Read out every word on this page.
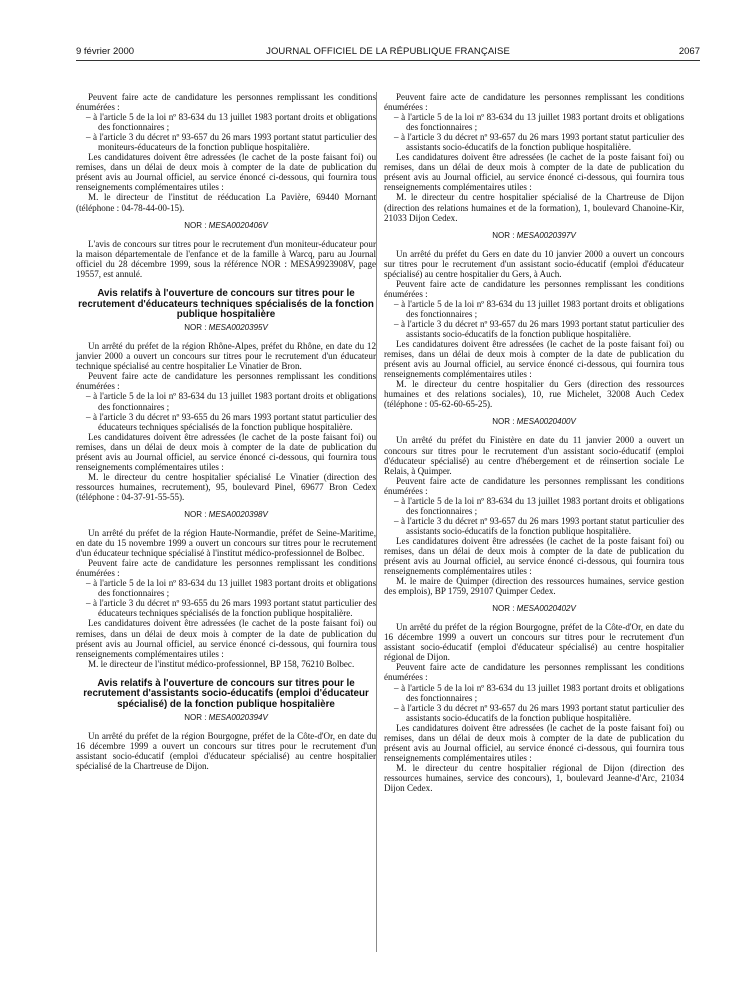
9 février 2000	JOURNAL OFFICIEL DE LA RÉPUBLIQUE FRANÇAISE	2067

Peuvent faire acte de candidature les personnes remplissant les conditions énumérées :

– à l'article 5 de la loi nº 83-634 du 13 juillet 1983 portant droits et obligations des fonctionnaires ;
– à l'article 3 du décret nº 93-657 du 26 mars 1993 portant statut particulier des moniteurs-éducateurs de la fonction publique hospitalière.

Les candidatures doivent être adressées (le cachet de la poste faisant foi) ou remises, dans un délai de deux mois à compter de la date de publication du présent avis au Journal officiel, au service énoncé ci-dessous, qui fournira tous renseignements complémentaires utiles :

M. le directeur de l'institut de rééducation La Pavière, 69440 Mornant (téléphone : 04-78-44-00-15).

NOR : MESA0020406V

L'avis de concours sur titres pour le recrutement d'un moniteur-éducateur pour la maison départementale de l'enfance et de la famille à Warcq, paru au Journal officiel du 28 décembre 1999, sous la référence NOR : MESA9923908V, page 19557, est annulé.

Avis relatifs à l'ouverture de concours sur titres pour le recrutement d'éducateurs techniques spécialisés de la fonction publique hospitalière
NOR : MESA0020395V

Un arrêté du préfet de la région Rhône-Alpes, préfet du Rhône, en date du 12 janvier 2000 a ouvert un concours sur titres pour le recrutement d'un éducateur technique spécialisé au centre hospitalier Le Vinatier de Bron.

Peuvent faire acte de candidature les personnes remplissant les conditions énumérées :

– à l'article 5 de la loi nº 83-634 du 13 juillet 1983 portant droits et obligations des fonctionnaires ;
– à l'article 3 du décret nº 93-655 du 26 mars 1993 portant statut particulier des éducateurs techniques spécialisés de la fonction publique hospitalière.

Les candidatures doivent être adressées (le cachet de la poste faisant foi) ou remises, dans un délai de deux mois à compter de la date de publication du présent avis au Journal officiel, au service énoncé ci-dessous, qui fournira tous renseignements complémentaires utiles :

M. le directeur du centre hospitalier spécialisé Le Vinatier (direction des ressources humaines, recrutement), 95, boulevard Pinel, 69677 Bron Cedex (téléphone : 04-37-91-55-55).

NOR : MESA0020398V

Un arrêté du préfet de la région Haute-Normandie, préfet de Seine-Maritime, en date du 15 novembre 1999 a ouvert un concours sur titres pour le recrutement d'un éducateur technique spécialisé à l'institut médico-professionnel de Bolbec.

Peuvent faire acte de candidature les personnes remplissant les conditions énumérées :

– à l'article 5 de la loi nº 83-634 du 13 juillet 1983 portant droits et obligations des fonctionnaires ;
– à l'article 3 du décret nº 93-655 du 26 mars 1993 portant statut particulier des éducateurs techniques spécialisés de la fonction publique hospitalière.

Les candidatures doivent être adressées (le cachet de la poste faisant foi) ou remises, dans un délai de deux mois à compter de la date de publication du présent avis au Journal officiel, au service énoncé ci-dessous, qui fournira tous renseignements complémentaires utiles :

M. le directeur de l'institut médico-professionnel, BP 158, 76210 Bolbec.

Avis relatifs à l'ouverture de concours sur titres pour le recrutement d'assistants socio-éducatifs (emploi d'éducateur spécialisé) de la fonction publique hospitalière
NOR : MESA0020394V

Un arrêté du préfet de la région Bourgogne, préfet de la Côte-d'Or, en date du 16 décembre 1999 a ouvert un concours sur titres pour le recrutement d'un assistant socio-éducatif (emploi d'éducateur spécialisé) au centre hospitalier spécialisé de la Chartreuse de Dijon.

Peuvent faire acte de candidature les personnes remplissant les conditions énumérées :

– à l'article 5 de la loi nº 83-634 du 13 juillet 1983 portant droits et obligations des fonctionnaires ;
– à l'article 3 du décret nº 93-657 du 26 mars 1993 portant statut particulier des assistants socio-éducatifs de la fonction publique hospitalière.

Les candidatures doivent être adressées (le cachet de la poste faisant foi) ou remises, dans un délai de deux mois à compter de la date de publication du présent avis au Journal officiel, au service énoncé ci-dessous, qui fournira tous renseignements complémentaires utiles :

M. le directeur du centre hospitalier spécialisé de la Chartreuse de Dijon (direction des relations humaines et de la formation), 1, boulevard Chanoine-Kir, 21033 Dijon Cedex.

NOR : MESA0020397V

Un arrêté du préfet du Gers en date du 10 janvier 2000 a ouvert un concours sur titres pour le recrutement d'un assistant socio-éducatif (emploi d'éducateur spécialisé) au centre hospitalier du Gers, à Auch.

Peuvent faire acte de candidature les personnes remplissant les conditions énumérées :

– à l'article 5 de la loi nº 83-634 du 13 juillet 1983 portant droits et obligations des fonctionnaires ;
– à l'article 3 du décret nº 93-657 du 26 mars 1993 portant statut particulier des assistants socio-éducatifs de la fonction publique hospitalière.

Les candidatures doivent être adressées (le cachet de la poste faisant foi) ou remises, dans un délai de deux mois à compter de la date de publication du présent avis au Journal officiel, au service énoncé ci-dessous, qui fournira tous renseignements complémentaires utiles :

M. le directeur du centre hospitalier du Gers (direction des ressources humaines et des relations sociales), 10, rue Michelet, 32008 Auch Cedex (téléphone : 05-62-60-65-25).

NOR : MESA0020400V

Un arrêté du préfet du Finistère en date du 11 janvier 2000 a ouvert un concours sur titres pour le recrutement d'un assistant socio-éducatif (emploi d'éducateur spécialisé) au centre d'hébergement et de réinsertion sociale Le Relais, à Quimper.

Peuvent faire acte de candidature les personnes remplissant les conditions énumérées :

– à l'article 5 de la loi nº 83-634 du 13 juillet 1983 portant droits et obligations des fonctionnaires ;
– à l'article 3 du décret nº 93-657 du 26 mars 1993 portant statut particulier des assistants socio-éducatifs de la fonction publique hospitalière.

Les candidatures doivent être adressées (le cachet de la poste faisant foi) ou remises, dans un délai de deux mois à compter de la date de publication du présent avis au Journal officiel, au service énoncé ci-dessous, qui fournira tous renseignements complémentaires utiles :

M. le maire de Quimper (direction des ressources humaines, service gestion des emplois), BP 1759, 29107 Quimper Cedex.

NOR : MESA0020402V

Un arrêté du préfet de la région Bourgogne, préfet de la Côte-d'Or, en date du 16 décembre 1999 a ouvert un concours sur titres pour le recrutement d'un assistant socio-éducatif (emploi d'éducateur spécialisé) au centre hospitalier régional de Dijon.

Peuvent faire acte de candidature les personnes remplissant les conditions énumérées :

– à l'article 5 de la loi nº 83-634 du 13 juillet 1983 portant droits et obligations des fonctionnaires ;
– à l'article 3 du décret nº 93-657 du 26 mars 1993 portant statut particulier des assistants socio-éducatifs de la fonction publique hospitalière.

Les candidatures doivent être adressées (le cachet de la poste faisant foi) ou remises, dans un délai de deux mois à compter de la date de publication du présent avis au Journal officiel, au service énoncé ci-dessous, qui fournira tous renseignements complémentaires utiles :

M. le directeur du centre hospitalier régional de Dijon (direction des ressources humaines, service des concours), 1, boulevard Jeanne-d'Arc, 21034 Dijon Cedex.
